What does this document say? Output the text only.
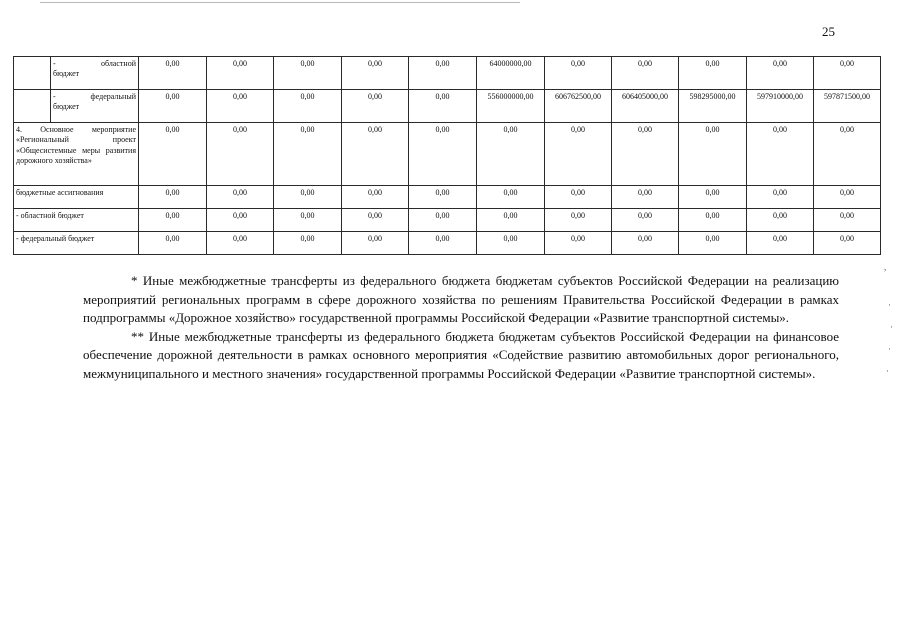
25

	- областной
бюджет	0,00	0,00	0,00	0,00	0,00	64000000,00	0,00	0,00	0,00	0,00	0,00

	- федеральный
бюджет	0,00	0,00	0,00	0,00	0,00	556000000,00	606762500,00	606405000,00	598295000,00	597910000,00	597871500,00
4. Основное мероприятие «Региональный проект «Общесистемные меры развития дорожного хозяйства»		0,00	0,00	0,00	0,00	0,00	0,00	0,00	0,00	0,00	0,00	0,00
бюджетные ассигнования		0,00	0,00	0,00	0,00	0,00	0,00	0,00	0,00	0,00	0,00	0,00
- областной бюджет		0,00	0,00	0,00	0,00	0,00	0,00	0,00	0,00	0,00	0,00	0,00
- федеральный бюджет		0,00	0,00	0,00	0,00	0,00	0,00	0,00	0,00	0,00	0,00	0,00

* Иные межбюджетные трансферты из федерального бюджета бюджетам субъектов Российской Федерации на реализацию мероприятий региональных программ в сфере дорожного хозяйства по решениям Правительства Российской Федерации в рамках подпрограммы «Дорожное хозяйство» государственной программы Российской Федерации «Развитие транспортной системы».

** Иные межбюджетные трансферты из федерального бюджета бюджетам субъектов Российской Федерации на финансовое обеспечение дорожной деятельности в рамках основного мероприятия «Содействие развитию автомобильных дорог регионального, межмуниципального и местного значения» государственной программы Российской Федерации «Развитие транспортной системы».

,
·
·
·
·
